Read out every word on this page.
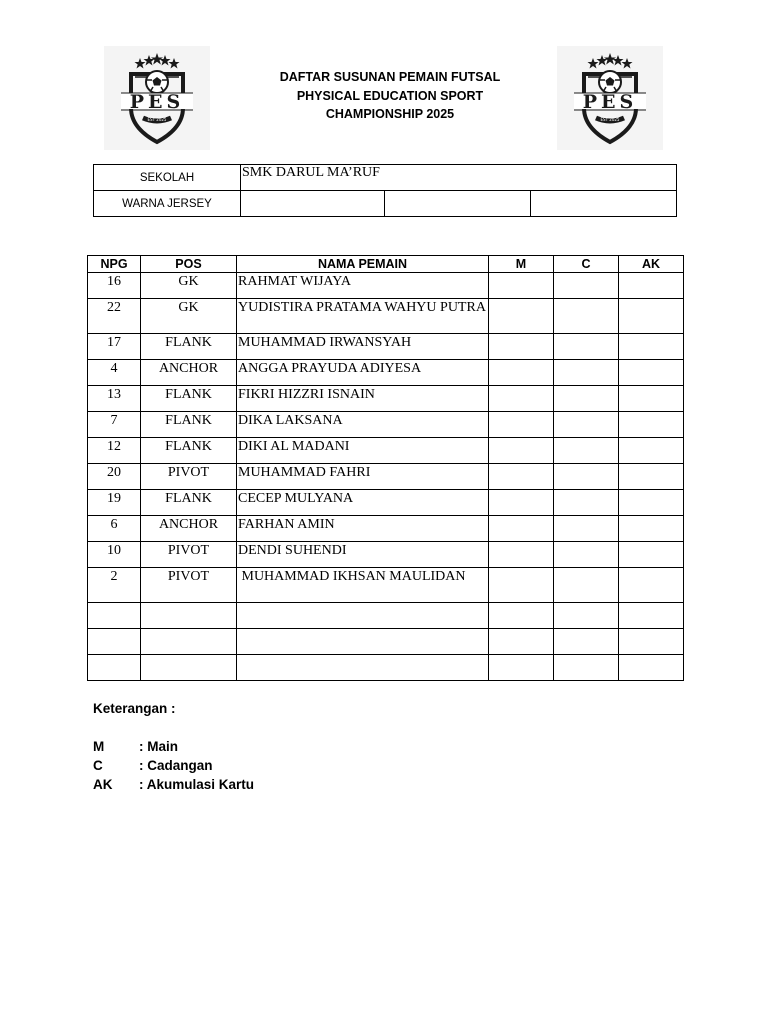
PES
EST 2025
DAFTAR SUSUNAN PEMAIN FUTSAL
PHYSICAL EDUCATION SPORT
CHAMPIONSHIP 2025
PES
EST 2025
SEKOLAH	SMK DARUL MA’RUF		
WARNA JERSEY			
NPG	POS	NAMA PEMAIN	M	C	AK
16	GK	RAHMAT WIJAYA			
22	GK	YUDISTIRA PRATAMA WAHYU PUTRA			
17	FLANK	MUHAMMAD IRWANSYAH			
4	ANCHOR	ANGGA PRAYUDA ADIYESA			
13	FLANK	FIKRI HIZZRI ISNAIN			
7	FLANK	DIKA LAKSANA			
12	FLANK	DIKI AL MADANI			
20	PIVOT	MUHAMMAD FAHRI			
19	FLANK	CECEP MULYANA			
6	ANCHOR	FARHAN AMIN			
10	PIVOT	DENDI SUHENDI			
2	PIVOT	MUHAMMAD IKHSAN MAULIDAN			

Keterangan :
M	: Main
C	: Cadangan
AK	: Akumulasi Kartu
